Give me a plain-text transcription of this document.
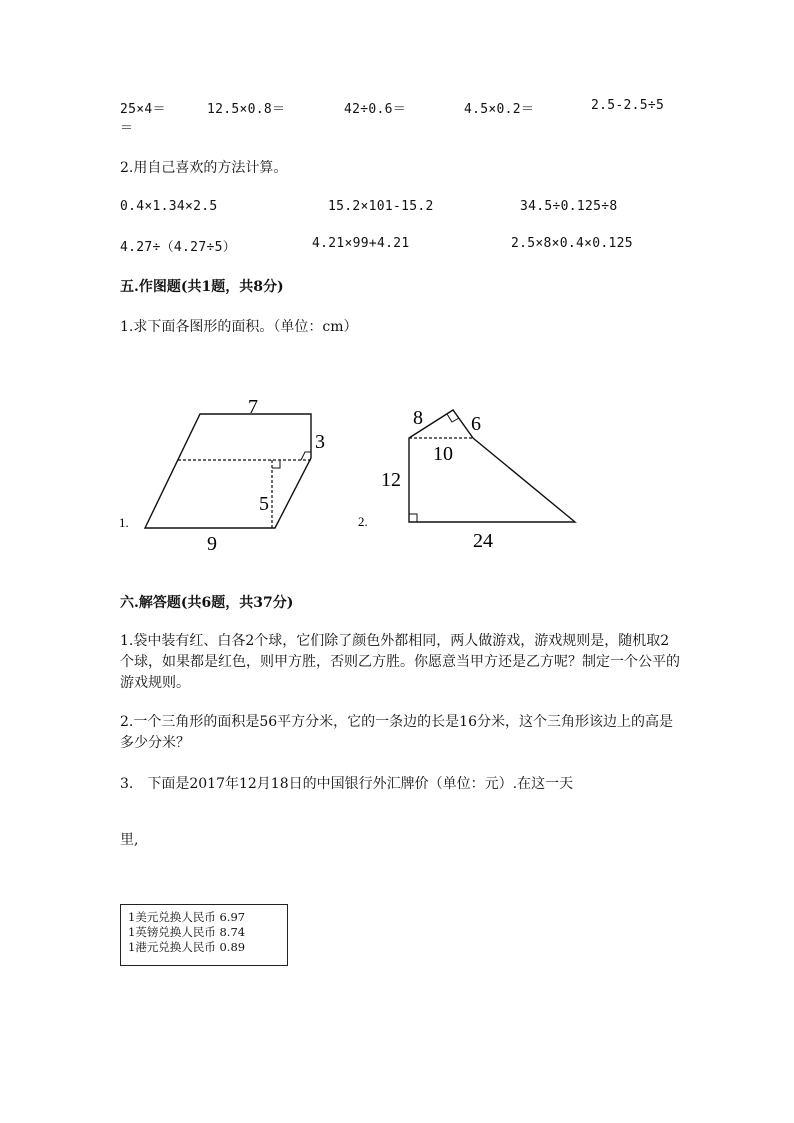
25×4＝	12.5×0.8＝	42÷0.6＝	4.5×0.2＝	2.5-2.5÷5
＝
2.用自己喜欢的方法计算。
0.4×1.34×2.5	15.2×101-15.2	34.5÷0.125÷8
4.27÷（4.27÷5）	4.21×99+4.21	2.5×8×0.4×0.125
五.作图题(共1题，共8分)
1.求下面各图形的面积。（单位：cm）
7
3
5
9
1.
8 6
10
12
24
2.
六.解答题(共6题，共37分)
1.袋中装有红、白各2个球，它们除了颜色外都相同，两人做游戏，游戏规则是，随机取2个球，如果都是红色，则甲方胜，否则乙方胜。你愿意当甲方还是乙方呢？制定一个公平的游戏规则。
2.一个三角形的面积是56平方分米，它的一条边的长是16分米，这个三角形该边上的高是多少分米？
3.　下面是2017年12月18日的中国银行外汇牌价（单位：元）.在这一天
里,
1美元兑换人民币 6.97
1英镑兑换人民币 8.74
1港元兑换人民币 0.89
